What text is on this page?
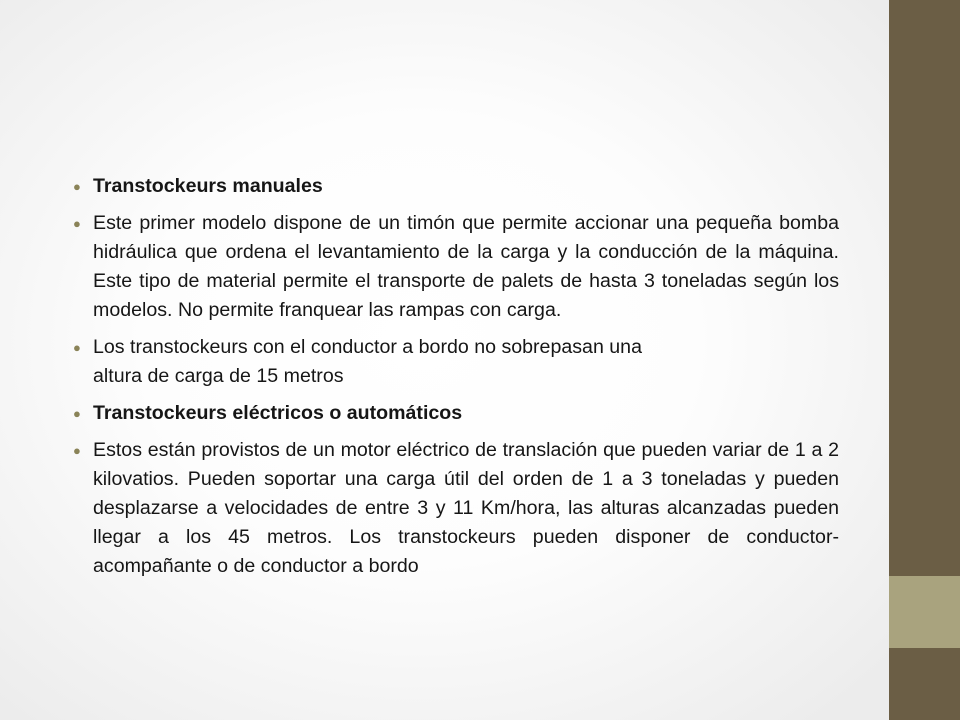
● Transtockeurs manuales
● Este primer modelo dispone de un timón que permite accionar una pequeña bomba hidráulica que ordena el levantamiento de la carga y la conducción de la máquina. Este tipo de material permite el transporte de palets de hasta 3 toneladas según los modelos. No permite franquear las rampas con carga.
● Los transtockeurs con el conductor a bordo no sobrepasan una
altura de carga de 15 metros
● Transtockeurs eléctricos o automáticos
● Estos están provistos de un motor eléctrico de translación que pueden variar de 1 a 2 kilovatios. Pueden soportar una carga útil del orden de 1 a 3 toneladas y pueden desplazarse a velocidades de entre 3 y 11 Km/hora, las alturas alcanzadas pueden llegar a los 45 metros. Los transtockeurs pueden disponer de conductor-acompañante o de conductor a bordo
